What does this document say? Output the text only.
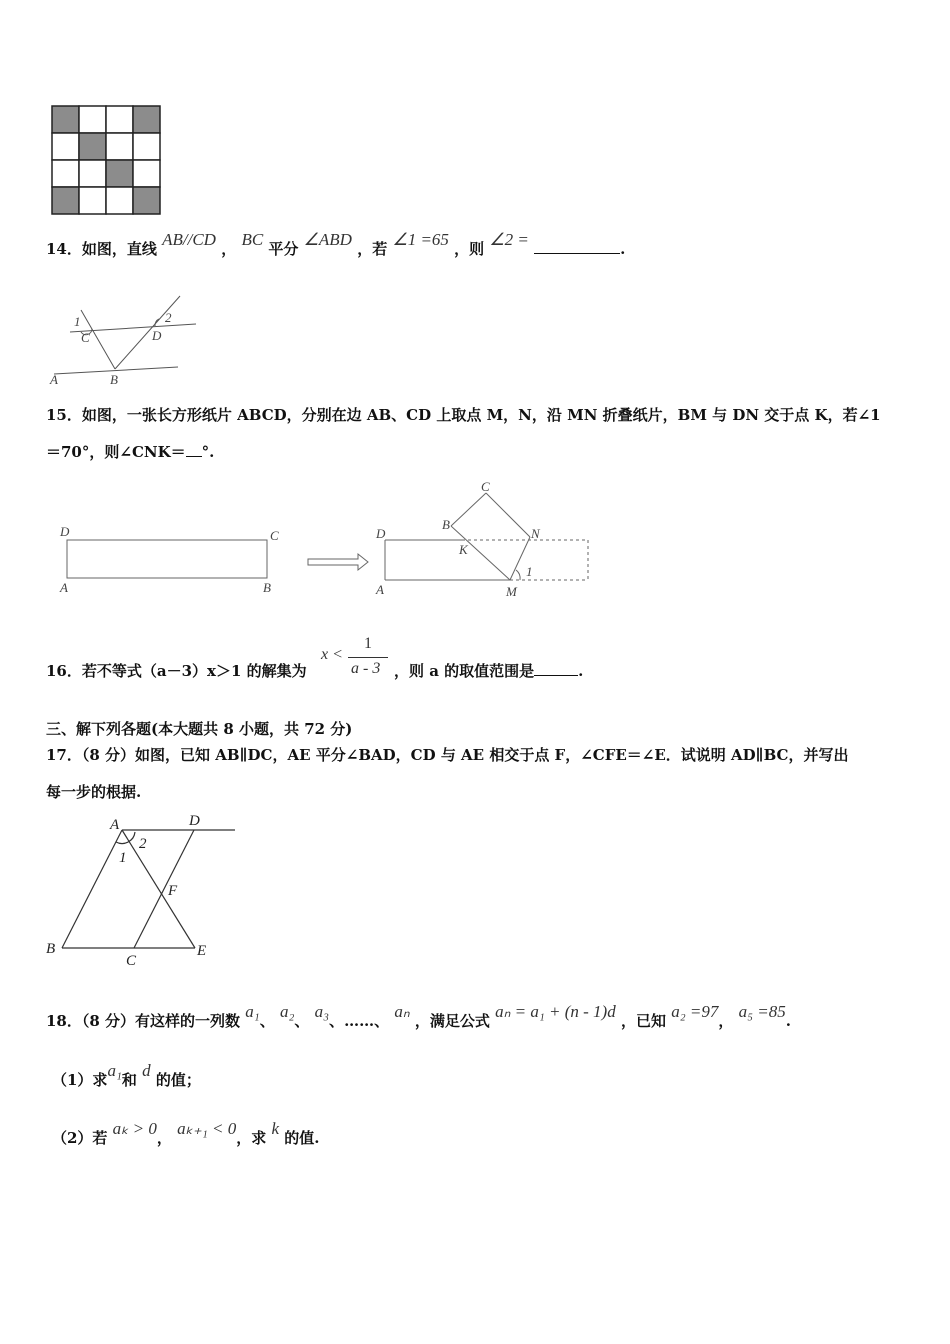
14．如图，直线 AB//CD ， BC 平分 ∠ABD ，若 ∠1 =65 ，则 ∠2 =	.
A	B
C	D
1	2
15．如图，一张长方形纸片 ABCD，分别在边 AB、CD 上取点 M，N，沿 MN 折叠纸片，BM 与 DN 交于点 K，若∠1
＝70°，则∠CNK＝ °.
D	C
A	B
D
A
B
C
K
N
M
1
16．若不等式（a－3）x＞1 的解集为
x <
1
a - 3 ，则 a 的取值范围是	.
三、解下列各题(本大题共 8 小题，共 72 分)
17．（8 分）如图，已知 AB∥DC，AE 平分∠BAD，CD 与 AE 相交于点 F，∠CFE＝∠E．试说明 AD∥BC，并写出
每一步的根据.
A	D
B
C
E
F
1
2
18．（8 分）有这样的一列数 a₁、 a₂、 a₃、……、 aₙ ，满足公式 aₙ = a₁ + (n - 1)d ，已知 a₂ =97， a₅ =85.
（1）求a₁和 d 的值；
（2）若 aₖ > 0， aₖ₊₁ < 0，求 k 的值.
